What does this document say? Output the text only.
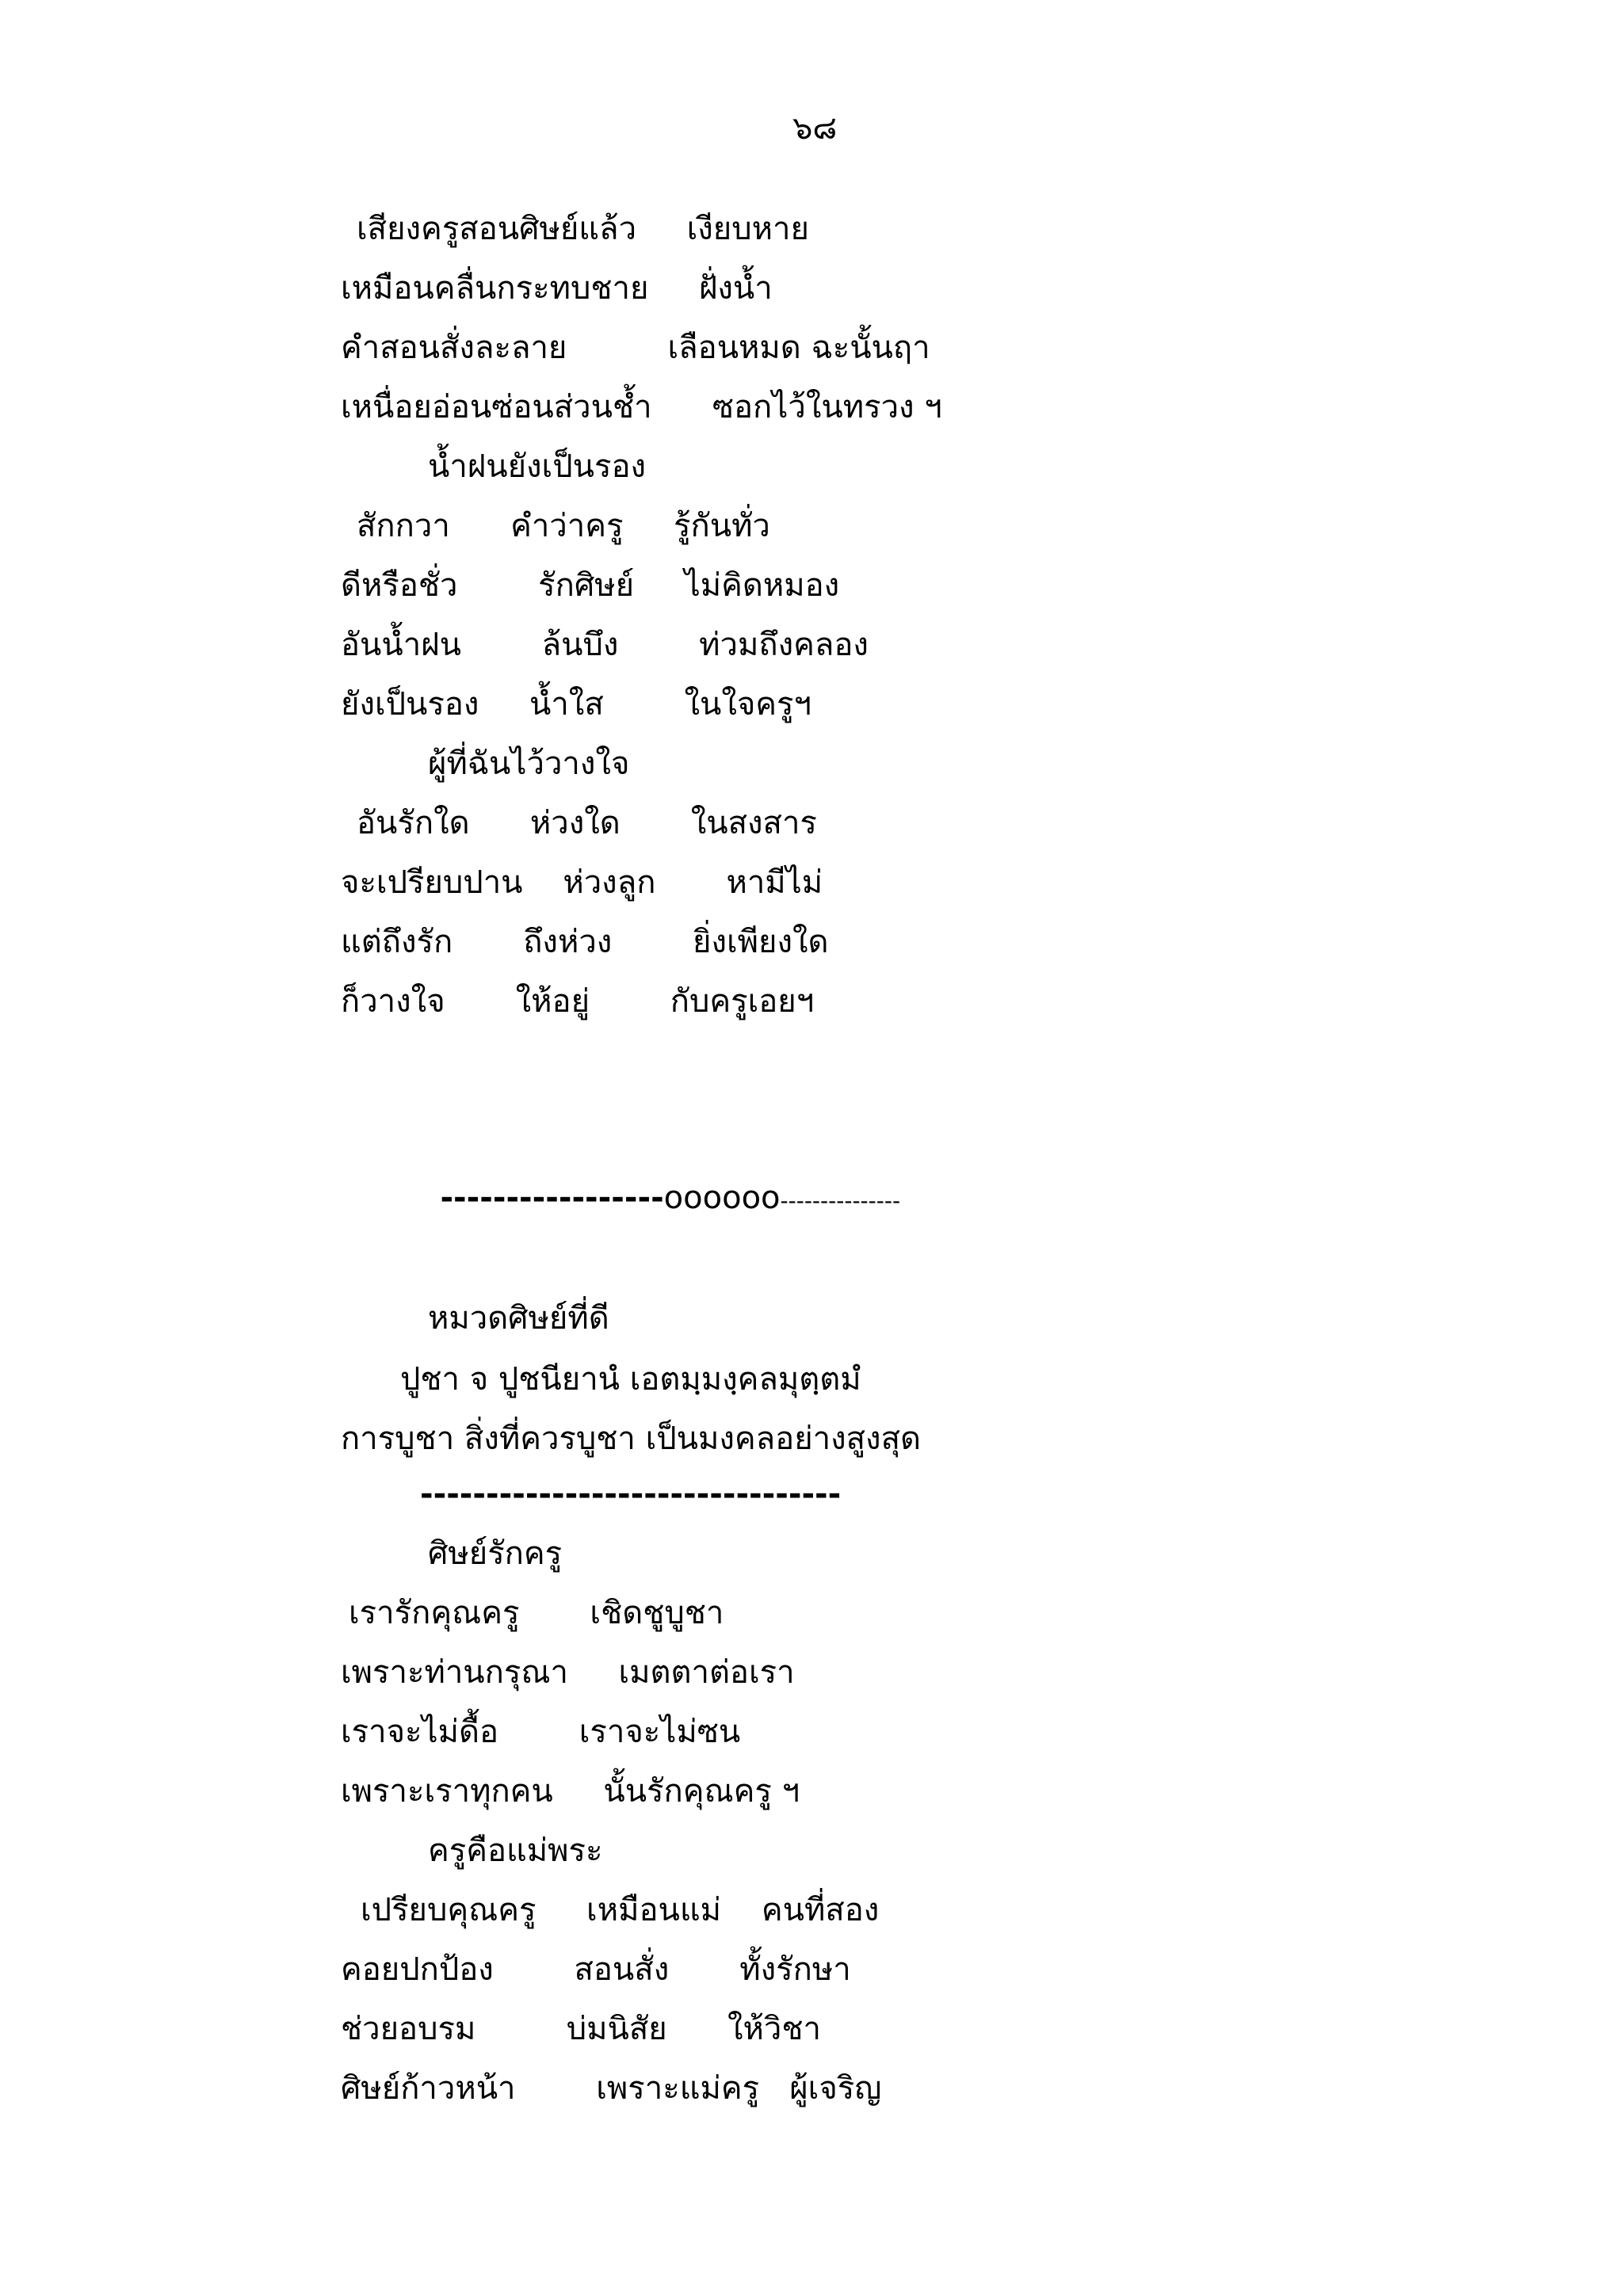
๖๘
เสียงครูสอนศิษย์แล้ว     เงียบหาย
เหมือนคลื่นกระทบชาย     ฝั่งน้ำ
คำสอนสั่งละลาย          เลือนหมด ฉะนั้นฤา
เหนื่อยอ่อนซ่อนส่วนช้ำ      ซอกไว้ในทรวง ฯ
น้ำฝนยังเป็นรอง
สักกวา      คำว่าครู     รู้กันทั่ว
ดีหรือชั่ว        รักศิษย์     ไม่คิดหมอง
อันน้ำฝน        ล้นบึง        ท่วมถึงคลอง
ยังเป็นรอง     น้ำใส        ในใจครูฯ
ผู้ที่ฉันไว้วางใจ
อันรักใด      ห่วงใด       ในสงสาร
จะเปรียบปาน    ห่วงลูก       หามีไม่
แต่ถึงรัก       ถึงห่วง        ยิ่งเพียงใด
ก็วางใจ       ให้อยู่        กับครูเอยฯ

-----------------oooooo---------------

หมวดศิษย์ที่ดี
ปูชา จ ปูชนียานํ เอตมฺมงฺคลมุตฺตมํ
การบูชา สิ่งที่ควรบูชา เป็นมงคลอย่างสูงสุด
--------------------------------
ศิษย์รักครู
เรารักคุณครู       เชิดชูบูชา
เพราะท่านกรุณา     เมตตาต่อเรา
เราจะไม่ดื้อ        เราจะไม่ซน
เพราะเราทุกคน     นั้นรักคุณครู ฯ
ครูคือแม่พระ
เปรียบคุณครู     เหมือนแม่    คนที่สอง
คอยปกป้อง        สอนสั่ง       ทั้งรักษา
ช่วยอบรม         บ่มนิสัย      ให้วิชา
ศิษย์ก้าวหน้า        เพราะแม่ครู   ผู้เจริญ
